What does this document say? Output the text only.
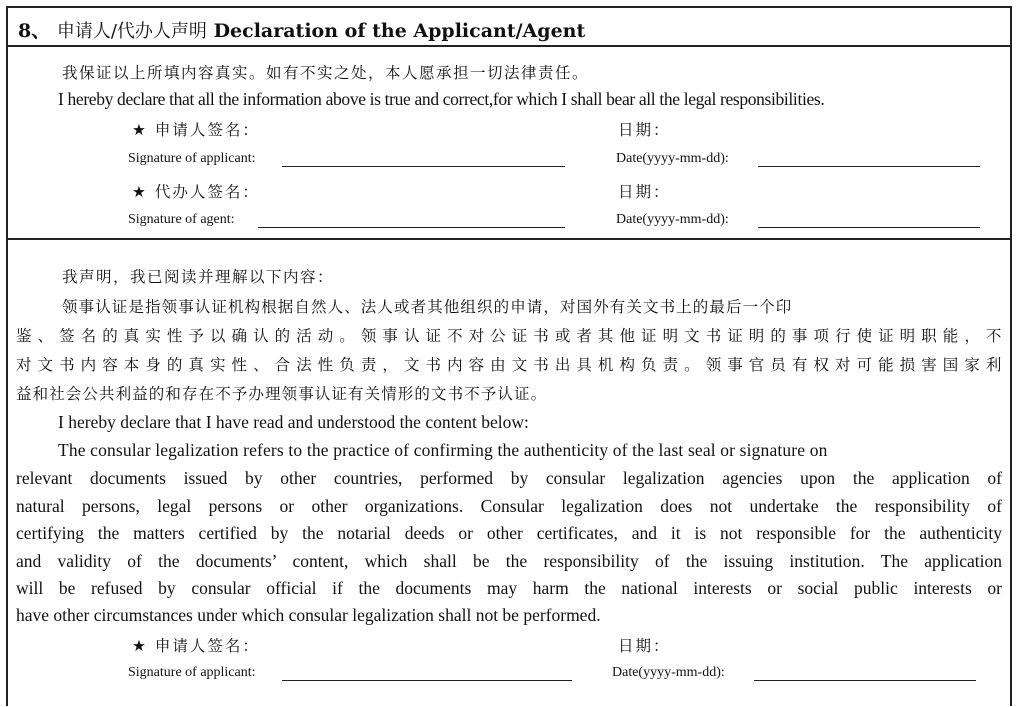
8、 申请人/代办人声明 Declaration of the Applicant/Agent
我保证以上所填内容真实。如有不实之处，本人愿承担一切法律责任。
I hereby declare that all the information above is true and correct,for which I shall bear all the legal responsibilities.
★ 申请人签名：	日期：
Signature of applicant:	Date(yyyy-mm-dd):
★ 代办人签名：	日期：
Signature of agent:	Date(yyyy-mm-dd):
我声明，我已阅读并理解以下内容：
领事认证是指领事认证机构根据自然人、法人或者其他组织的申请，对国外有关文书上的最后一个印
鉴、签名的真实性予以确认的活动。领事认证不对公证书或者其他证明文书证明的事项行使证明职能，不
对文书内容本身的真实性、合法性负责，文书内容由文书出具机构负责。领事官员有权对可能损害国家利
益和社会公共利益的和存在不予办理领事认证有关情形的文书不予认证。
I hereby declare that I have read and understood the content below:
The consular legalization refers to the practice of confirming the authenticity of the last seal or signature on
relevant documents issued by other countries, performed by consular legalization agencies upon the application of
natural persons, legal persons or other organizations. Consular legalization does not undertake the responsibility of
certifying the matters certified by the notarial deeds or other certificates, and it is not responsible for the authenticity
and validity of the documents’ content, which shall be the responsibility of the issuing institution. The application
will be refused by consular official if the documents may harm the national interests or social public interests or
have other circumstances under which consular legalization shall not be performed.
★ 申请人签名：	日期：
Signature of applicant:	Date(yyyy-mm-dd):
